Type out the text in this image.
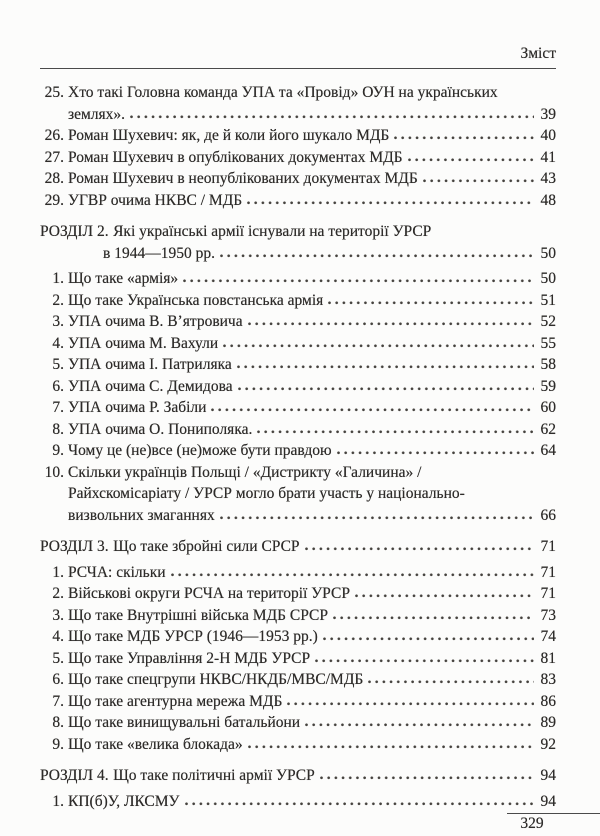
Зміст
25. Хто такі Головна команда УПА та «Провід» ОУН на українських
землях».	39
26. Роман Шухевич: як, де й коли його шукало МДБ	40
27. Роман Шухевич в опублікованих документах МДБ	41
28. Роман Шухевич в неопублікованих документах МДБ	43
29. УГВР очима НКВС / МДБ	48
РОЗДІЛ 2. Які українські армії існували на території УРСР
в 1944—1950 рр.	50
1. Що таке «армія»	50
2. Що таке Українська повстанська армія	51
3. УПА очима В. В’ятровича	52
4. УПА очима М. Вахули	55
5. УПА очима І. Патриляка	58
6. УПА очима С. Демидова	59
7. УПА очима Р. Забіли	60
8. УПА очима О. Пониполяка.	62
9. Чому це (не)все (не)може бути правдою	64
10. Скільки українців Польщі / «Дистрикту «Галичина» /
Райхскомісаріату / УРСР могло брати участь у національно-
визвольних змаганнях	66
РОЗДІЛ 3. Що таке збройні сили СРСР	71
1. РСЧА: скільки	71
2. Військові округи РСЧА на території УРСР	71
3. Що таке Внутрішні війська МДБ СРСР	73
4. Що таке МДБ УРСР (1946—1953 рр.)	74
5. Що таке Управління 2-Н МДБ УРСР	81
6. Що таке спецгрупи НКВС/НКДБ/МВС/МДБ	83
7. Що таке агентурна мережа МДБ	86
8. Що таке винищувальні батальйони	89
9. Що таке «велика блокада»	92
РОЗДІЛ 4. Що таке політичні армії УРСР	94
1. КП(б)У, ЛКСМУ	94
329
